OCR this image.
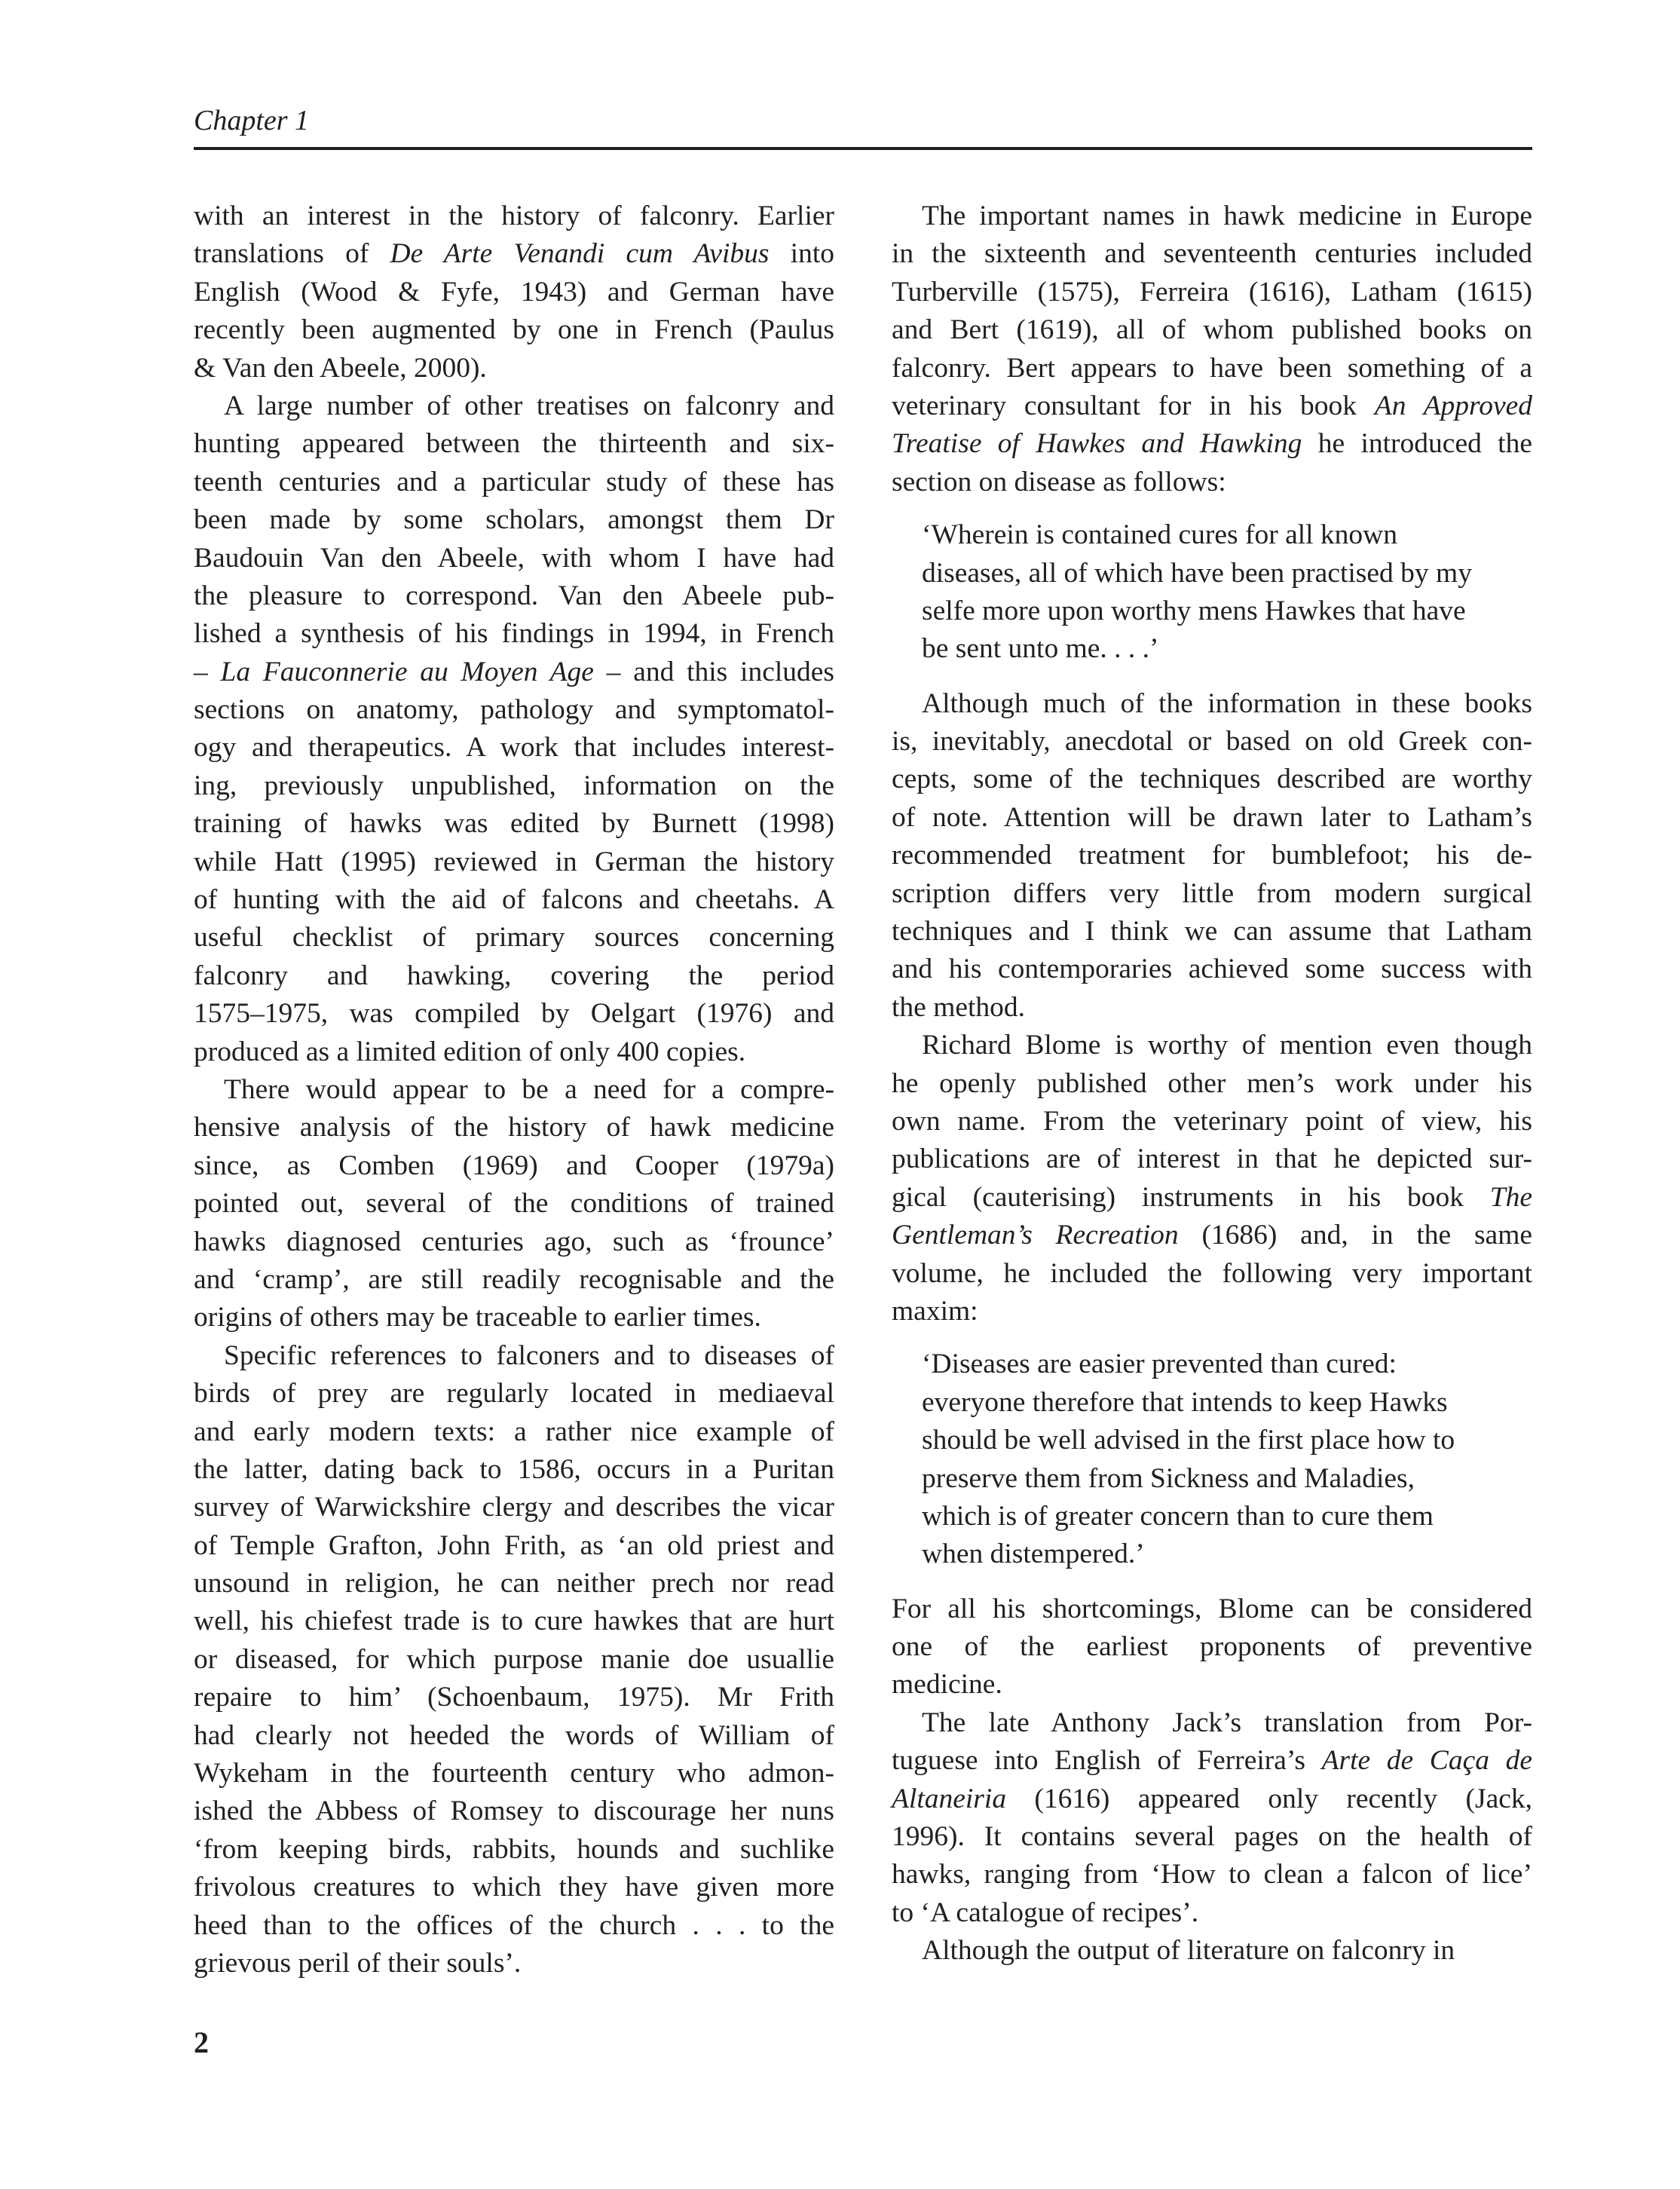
Chapter 1
with an interest in the history of falconry. Earlier
translations of De Arte Venandi cum Avibus into
English (Wood & Fyfe, 1943) and German have
recently been augmented by one in French (Paulus
& Van den Abeele, 2000).
A large number of other treatises on falconry and
hunting appeared between the thirteenth and six-
teenth centuries and a particular study of these has
been made by some scholars, amongst them Dr
Baudouin Van den Abeele, with whom I have had
the pleasure to correspond. Van den Abeele pub-
lished a synthesis of his findings in 1994, in French
– La Fauconnerie au Moyen Age – and this includes
sections on anatomy, pathology and symptomatol-
ogy and therapeutics. A work that includes interest-
ing, previously unpublished, information on the
training of hawks was edited by Burnett (1998)
while Hatt (1995) reviewed in German the history
of hunting with the aid of falcons and cheetahs. A
useful checklist of primary sources concerning
falconry and hawking, covering the period
1575–1975, was compiled by Oelgart (1976) and
produced as a limited edition of only 400 copies.
There would appear to be a need for a compre-
hensive analysis of the history of hawk medicine
since, as Comben (1969) and Cooper (1979a)
pointed out, several of the conditions of trained
hawks diagnosed centuries ago, such as ‘frounce’
and ‘cramp’, are still readily recognisable and the
origins of others may be traceable to earlier times.
Specific references to falconers and to diseases of
birds of prey are regularly located in mediaeval
and early modern texts: a rather nice example of
the latter, dating back to 1586, occurs in a Puritan
survey of Warwickshire clergy and describes the vicar
of Temple Grafton, John Frith, as ‘an old priest and
unsound in religion, he can neither prech nor read
well, his chiefest trade is to cure hawkes that are hurt
or diseased, for which purpose manie doe usuallie
repaire to him’ (Schoenbaum, 1975). Mr Frith
had clearly not heeded the words of William of
Wykeham in the fourteenth century who admon-
ished the Abbess of Romsey to discourage her nuns
‘from keeping birds, rabbits, hounds and suchlike
frivolous creatures to which they have given more
heed than to the offices of the church . . . to the
grievous peril of their souls’.
The important names in hawk medicine in Europe
in the sixteenth and seventeenth centuries included
Turberville (1575), Ferreira (1616), Latham (1615)
and Bert (1619), all of whom published books on
falconry. Bert appears to have been something of a
veterinary consultant for in his book An Approved
Treatise of Hawkes and Hawking he introduced the
section on disease as follows:
‘Wherein is contained cures for all known
diseases, all of which have been practised by my
selfe more upon worthy mens Hawkes that have
be sent unto me. . . .’
Although much of the information in these books
is, inevitably, anecdotal or based on old Greek con-
cepts, some of the techniques described are worthy
of note. Attention will be drawn later to Latham’s
recommended treatment for bumblefoot; his de-
scription differs very little from modern surgical
techniques and I think we can assume that Latham
and his contemporaries achieved some success with
the method.
Richard Blome is worthy of mention even though
he openly published other men’s work under his
own name. From the veterinary point of view, his
publications are of interest in that he depicted sur-
gical (cauterising) instruments in his book The
Gentleman’s Recreation (1686) and, in the same
volume, he included the following very important
maxim:
‘Diseases are easier prevented than cured:
everyone therefore that intends to keep Hawks
should be well advised in the first place how to
preserve them from Sickness and Maladies,
which is of greater concern than to cure them
when distempered.’
For all his shortcomings, Blome can be considered
one of the earliest proponents of preventive
medicine.
The late Anthony Jack’s translation from Por-
tuguese into English of Ferreira’s Arte de Caça de
Altaneiria (1616) appeared only recently (Jack,
1996). It contains several pages on the health of
hawks, ranging from ‘How to clean a falcon of lice’
to ‘A catalogue of recipes’.
Although the output of literature on falconry in
2
